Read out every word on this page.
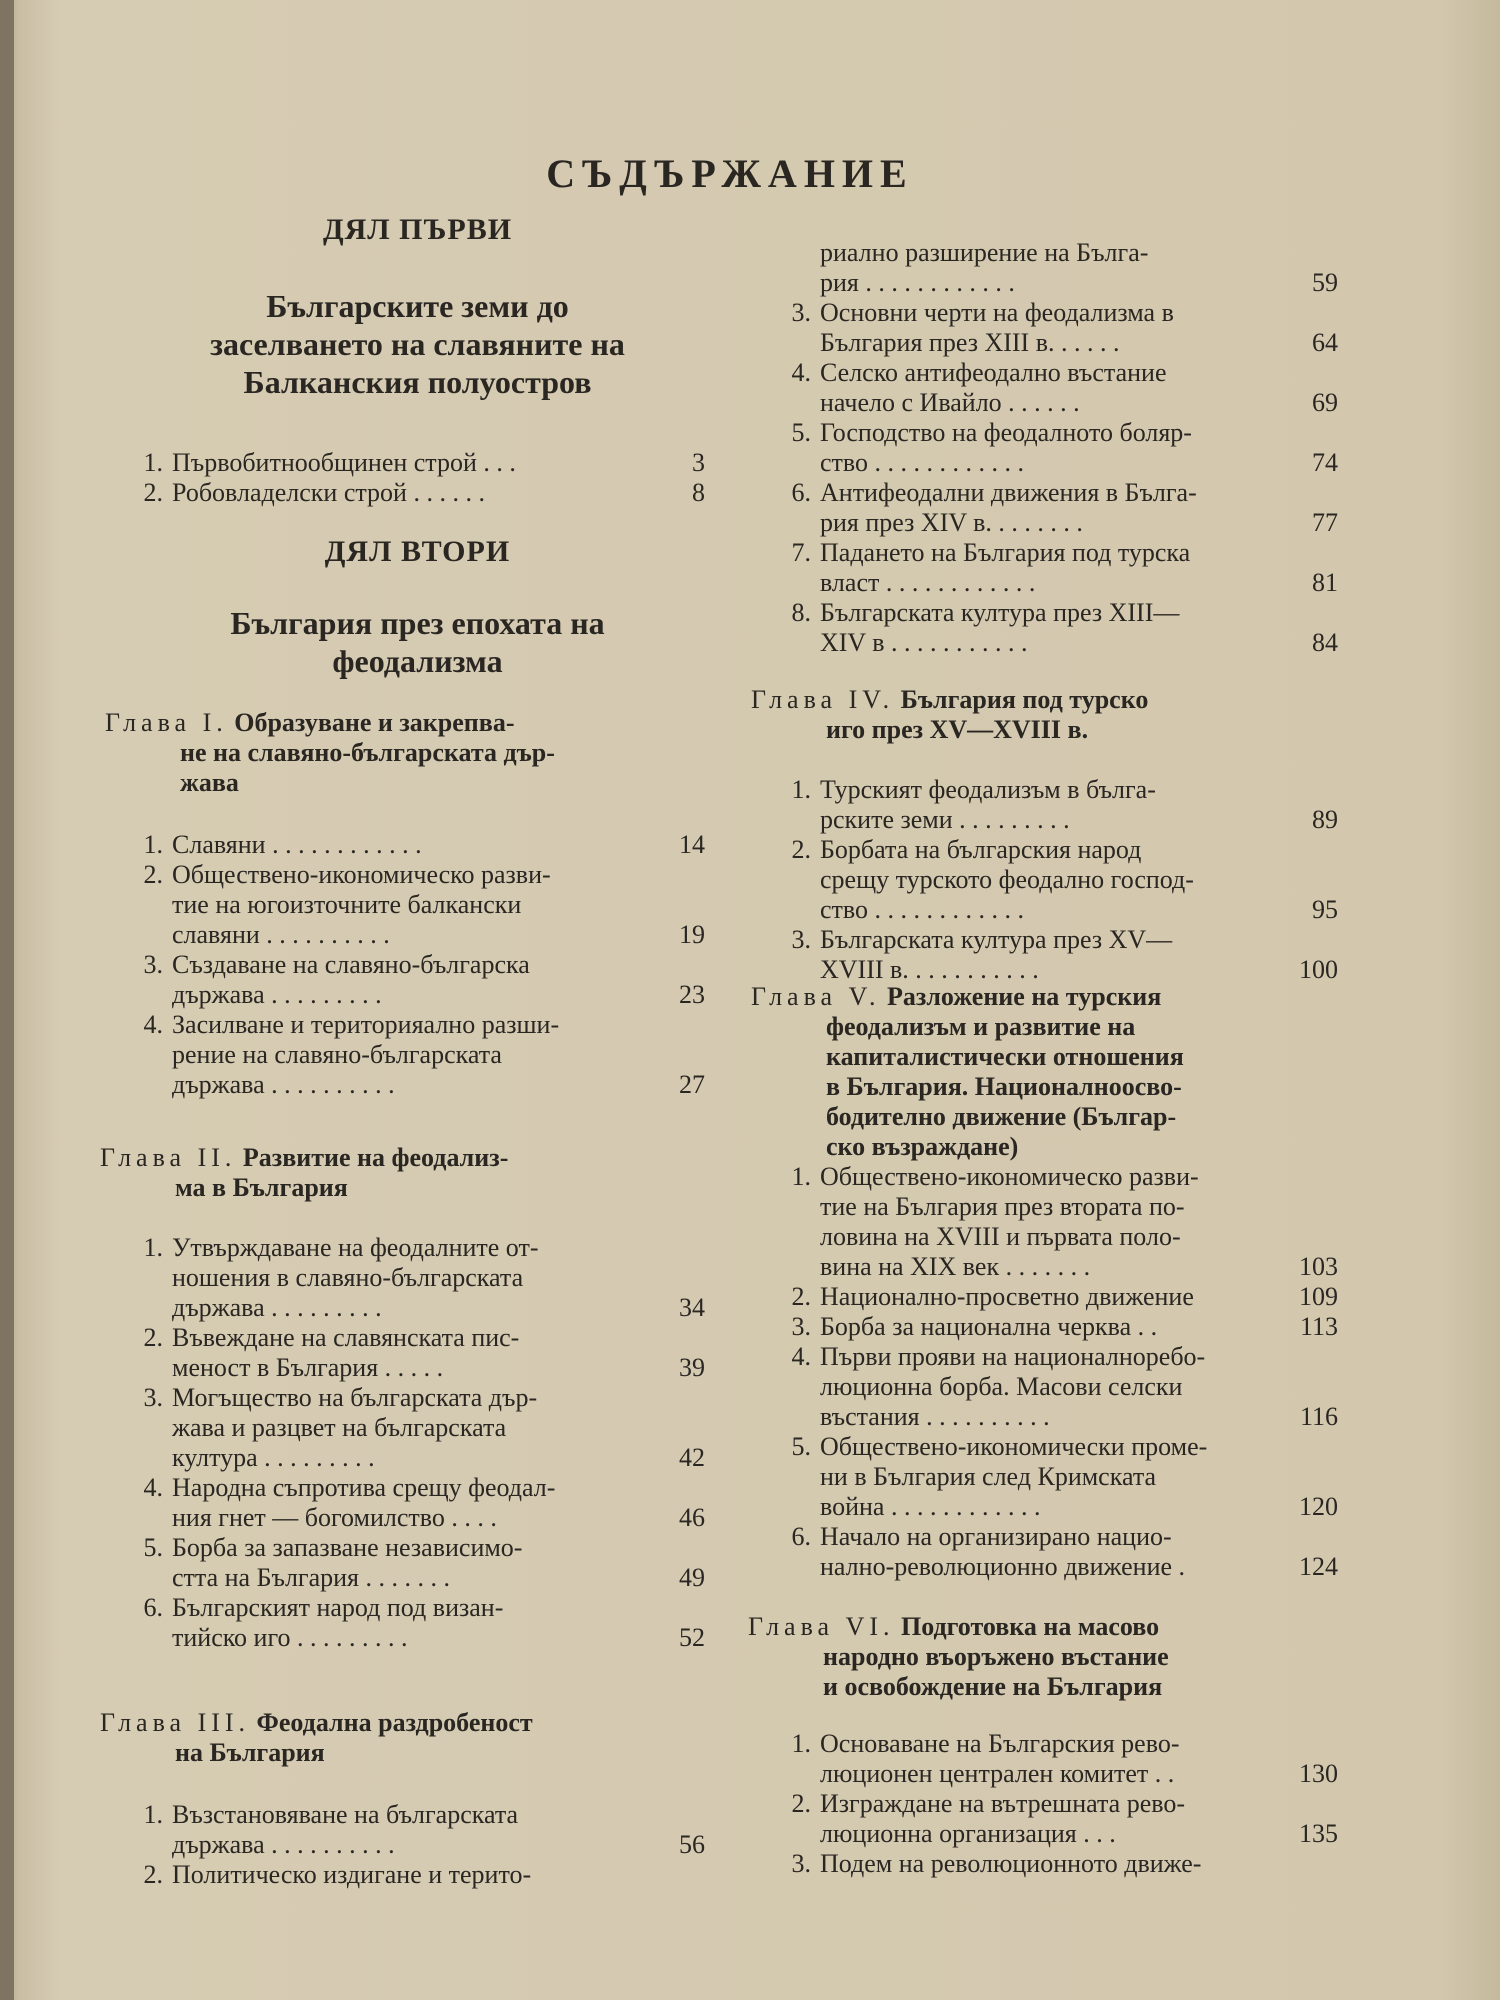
СЪДЪРЖАНИЕ
ДЯЛ ПЪРВИ
Българските земи до
заселването на славяните на
Балканския полуостров
1. Първобитнообщинен строй . . .	3
2. Робовладелски строй . . . . . .	8
ДЯЛ ВТОРИ
България през епохата на
феодализма
Глава I. Образуване и закрепва-
не на славяно-българската дър-
жава
1. Славяни . . . . . . . . . . . .	14
2. Обществено-икономическо разви-
тие на югоизточните балкански
славяни . . . . . . . . . .	19
3. Създаване на славяно-българска
държава . . . . . . . . .	23
4. Засилване и територияално разши-
рение на славяно-българската
държава . . . . . . . . . .	27
Глава II. Развитие на феодализ-
ма в България
1. Утвърждаване на феодалните от-
ношения в славяно-българската
държава . . . . . . . . .	34
2. Въвеждане на славянската пис-
меност в България . . . . .	39
3. Могъщество на българската дър-
жава и разцвет на българската
култура . . . . . . . . .	42
4. Народна съпротива срещу феодал-
ния гнет — богомилство . . . .	46
5. Борба за запазване независимо-
стта на България . . . . . . .	49
6. Българският народ под визан-
тийско иго . . . . . . . . .	52
Глава III. Феодална раздробеност
на България
1. Възстановяване на българската
държава . . . . . . . . . .	56
2. Политическо издигане и терито-
риално разширение на Бълга-
рия . . . . . . . . . . . .	59
3. Основни черти на феодализма в
България през XIII в. . . . . .	64
4. Селско антифеодално въстание
начело с Ивайло . . . . . .	69
5. Господство на феодалното боляр-
ство . . . . . . . . . . . .	74
6. Антифеодални движения в Бълга-
рия през XIV в. . . . . . . .	77
7. Падането на България под турска
власт . . . . . . . . . . . .	81
8. Българската култура през XIII—
XIV в . . . . . . . . . . .	84
Глава IV. България под турско
иго през XV—XVIII в.
1. Турският феодализъм в бълга-
рските земи . . . . . . . . .	89
2. Борбата на българския народ
срещу турското феодално господ-
ство . . . . . . . . . . . .	95
3. Българската култура през XV—
XVIII в. . . . . . . . . . .	100
Глава V. Разложение на турския
феодализъм и развитие на
капиталистически отношения
в България. Националноосво-
бодително движение (Българ-
ско възраждане)
1. Обществено-икономическо разви-
тие на България през втората по-
ловина на XVIII и първата поло-
вина на XIX век . . . . . . .	103
2. Национално-просветно движение	109
3. Борба за национална черква . .	113
4. Първи прояви на националноребо-
люционна борба. Масови селски
въстания . . . . . . . . . .	116
5. Обществено-икономически проме-
ни в България след Кримската
война . . . . . . . . . . . .	120
6. Начало на организирано нацио-
нално-революционно движение .	124
Глава VI. Подготовка на масово
народно въоръжено въстание
и освобождение на България
1. Основаване на Българския рево-
люционен централен комитет . .	130
2. Изграждане на вътрешната рево-
люционна организация . . .	135
3. Подем на революционното движе-
